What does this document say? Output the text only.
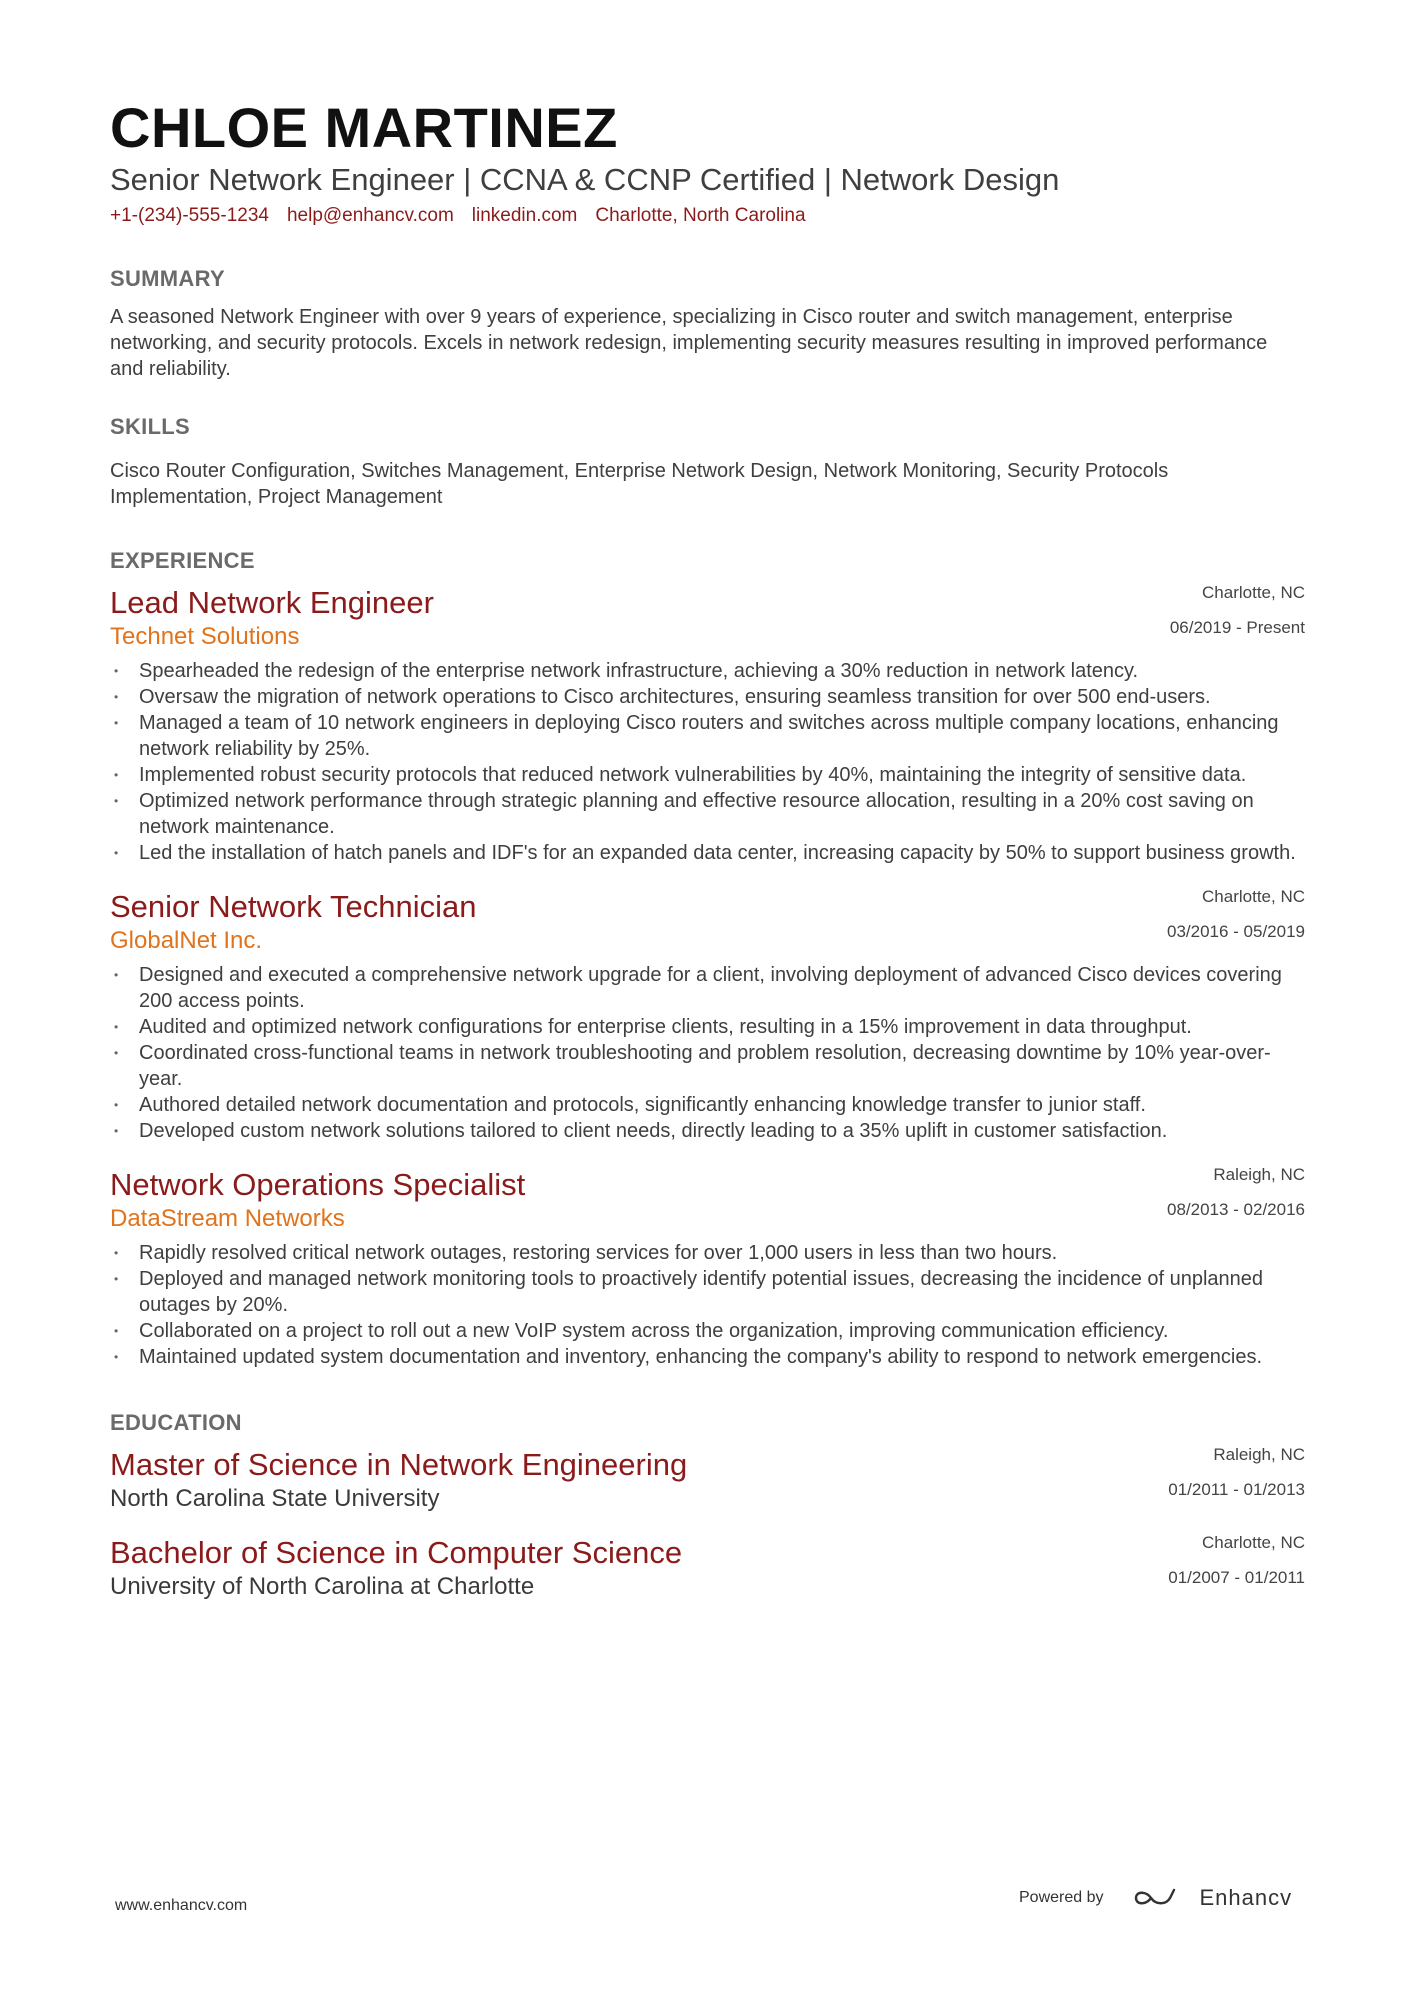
CHLOE MARTINEZ
Senior Network Engineer | CCNA & CCNP Certified | Network Design
+1-(234)-555-1234 help@enhancv.com linkedin.com Charlotte, North Carolina
SUMMARY

A seasoned Network Engineer with over 9 years of experience, specializing in Cisco router and switch management, enterprise networking, and security protocols. Excels in network redesign, implementing security measures resulting in improved performance and reliability.

SKILLS

Cisco Router Configuration, Switches Management, Enterprise Network Design, Network Monitoring, Security Protocols Implementation, Project Management

EXPERIENCE
Lead Network Engineer
Technet Solutions
Charlotte, NC
06/2019 - Present
• Spearheaded the redesign of the enterprise network infrastructure, achieving a 30% reduction in network latency.
• Oversaw the migration of network operations to Cisco architectures, ensuring seamless transition for over 500 end-users.
• Managed a team of 10 network engineers in deploying Cisco routers and switches across multiple company locations, enhancing network reliability by 25%.
• Implemented robust security protocols that reduced network vulnerabilities by 40%, maintaining the integrity of sensitive data.
• Optimized network performance through strategic planning and effective resource allocation, resulting in a 20% cost saving on network maintenance.
• Led the installation of hatch panels and IDF's for an expanded data center, increasing capacity by 50% to support business growth.
Senior Network Technician
GlobalNet Inc.
Charlotte, NC
03/2016 - 05/2019
• Designed and executed a comprehensive network upgrade for a client, involving deployment of advanced Cisco devices covering 200 access points.
• Audited and optimized network configurations for enterprise clients, resulting in a 15% improvement in data throughput.
• Coordinated cross-functional teams in network troubleshooting and problem resolution, decreasing downtime by 10% year-over-year.
• Authored detailed network documentation and protocols, significantly enhancing knowledge transfer to junior staff.
• Developed custom network solutions tailored to client needs, directly leading to a 35% uplift in customer satisfaction.
Network Operations Specialist
DataStream Networks
Raleigh, NC
08/2013 - 02/2016
• Rapidly resolved critical network outages, restoring services for over 1,000 users in less than two hours.
• Deployed and managed network monitoring tools to proactively identify potential issues, decreasing the incidence of unplanned outages by 20%.
• Collaborated on a project to roll out a new VoIP system across the organization, improving communication efficiency.
• Maintained updated system documentation and inventory, enhancing the company's ability to respond to network emergencies.
EDUCATION
Master of Science in Network Engineering
North Carolina State University
Raleigh, NC
01/2011 - 01/2013
Bachelor of Science in Computer Science
University of North Carolina at Charlotte
Charlotte, NC
01/2007 - 01/2011
www.enhancv.com	Powered by	Enhancv
